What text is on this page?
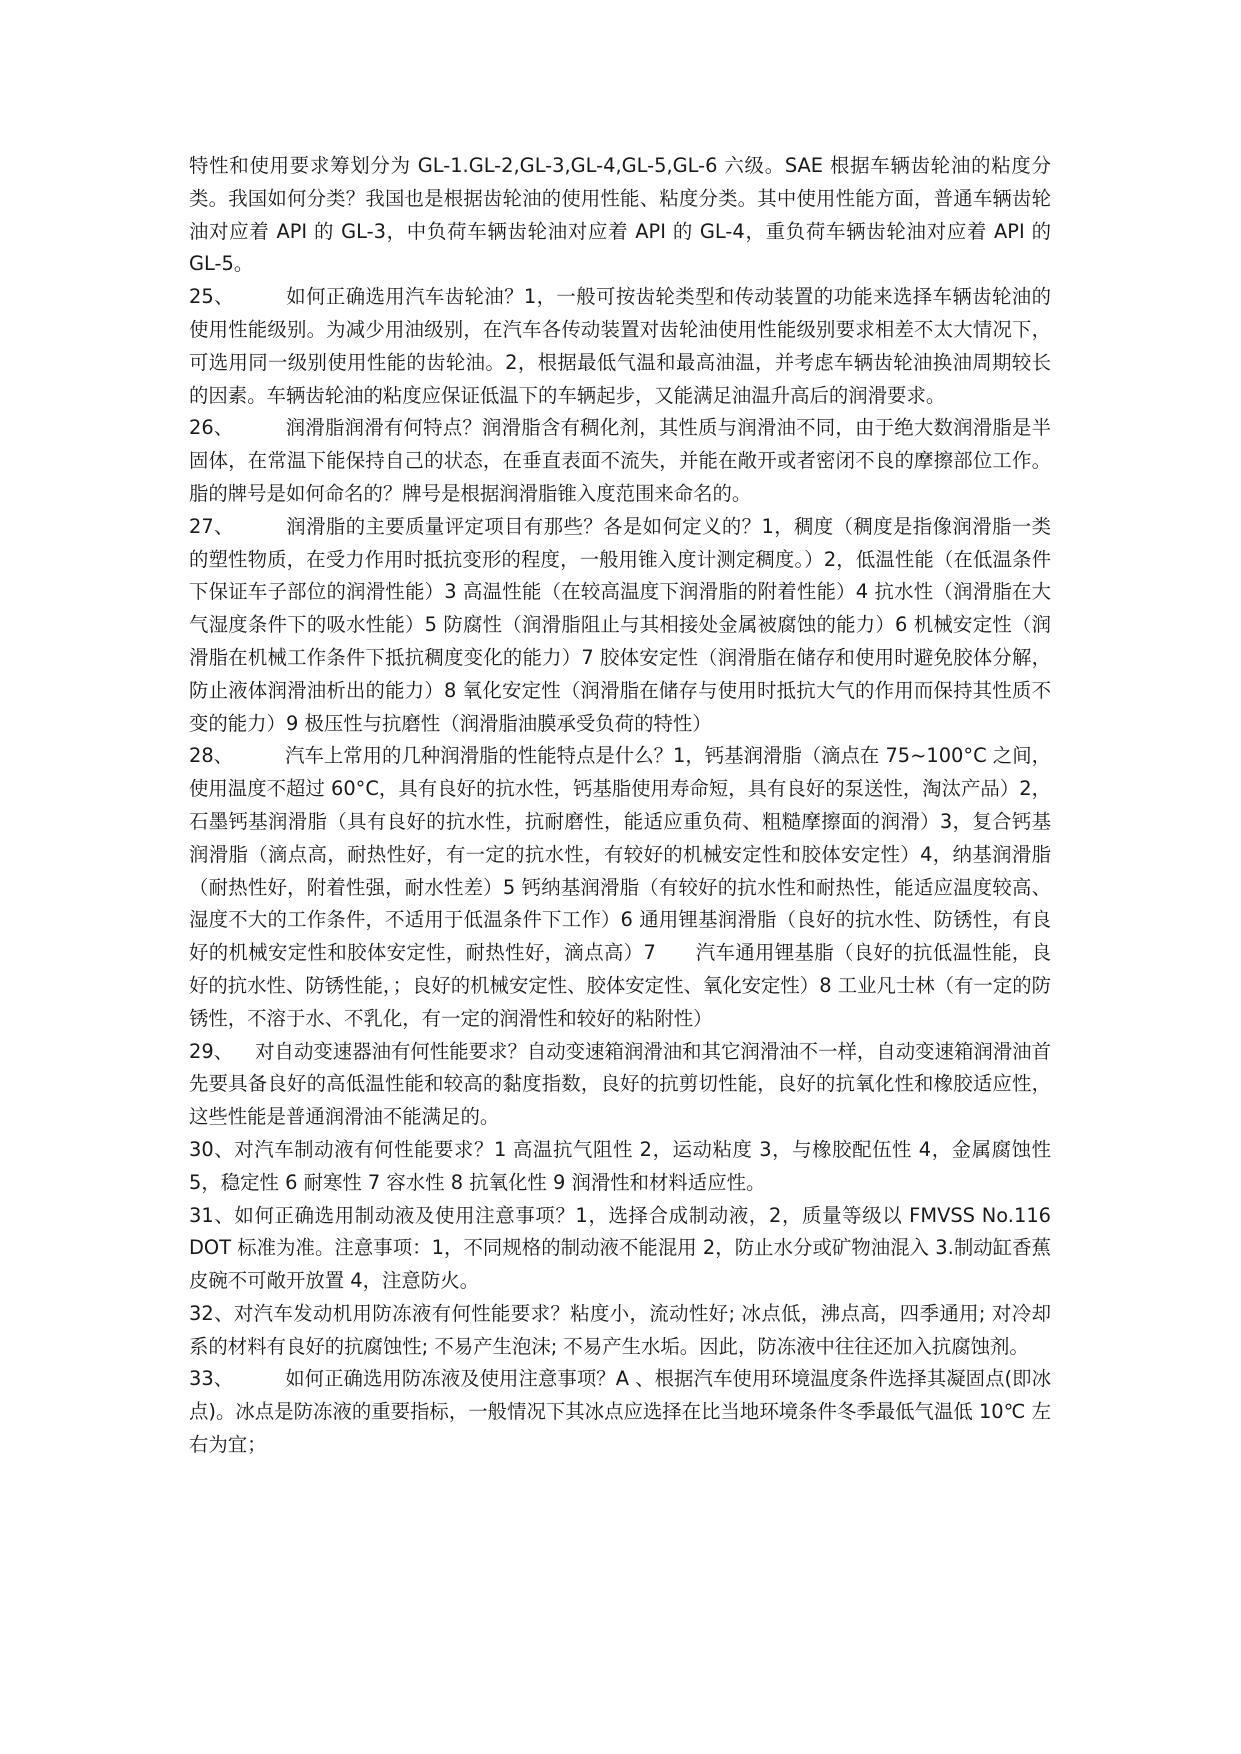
特性和使用要求筹划分为 GL-1.GL-2,GL-3,GL-4,GL-5,GL-6 六级。SAE 根据车辆齿轮油的粘度分类。我国如何分类？我国也是根据齿轮油的使用性能、粘度分类。其中使用性能方面，普通车辆齿轮油对应着 API 的 GL-3，中负荷车辆齿轮油对应着 API 的 GL-4，重负荷车辆齿轮油对应着 API 的 GL-5。

25、	如何正确选用汽车齿轮油？1，一般可按齿轮类型和传动装置的功能来选择车辆齿轮油的使用性能级别。为减少用油级别，在汽车各传动装置对齿轮油使用性能级别要求相差不太大情况下，可选用同一级别使用性能的齿轮油。2，根据最低气温和最高油温，并考虑车辆齿轮油换油周期较长的因素。车辆齿轮油的粘度应保证低温下的车辆起步，又能满足油温升高后的润滑要求。

26、	润滑脂润滑有何特点？润滑脂含有稠化剂，其性质与润滑油不同，由于绝大数润滑脂是半固体，在常温下能保持自己的状态，在垂直表面不流失，并能在敞开或者密闭不良的摩擦部位工作。脂的牌号是如何命名的？牌号是根据润滑脂锥入度范围来命名的。

27、	润滑脂的主要质量评定项目有那些？各是如何定义的？1，稠度（稠度是指像润滑脂一类的塑性物质，在受力作用时抵抗变形的程度，一般用锥入度计测定稠度。）2，低温性能（在低温条件下保证车子部位的润滑性能）3 高温性能（在较高温度下润滑脂的附着性能）4 抗水性（润滑脂在大气湿度条件下的吸水性能）5 防腐性（润滑脂阻止与其相接处金属被腐蚀的能力）6 机械安定性（润滑脂在机械工作条件下抵抗稠度变化的能力）7 胶体安定性（润滑脂在储存和使用时避免胶体分解，防止液体润滑油析出的能力）8 氧化安定性（润滑脂在储存与使用时抵抗大气的作用而保持其性质不变的能力）9 极压性与抗磨性（润滑脂油膜承受负荷的特性）

28、	汽车上常用的几种润滑脂的性能特点是什么？1，钙基润滑脂（滴点在 75~100°C 之间，使用温度不超过 60°C，具有良好的抗水性，钙基脂使用寿命短，具有良好的泵送性，淘汰产品）2，石墨钙基润滑脂（具有良好的抗水性，抗耐磨性，能适应重负荷、粗糙摩擦面的润滑）3，复合钙基润滑脂（滴点高，耐热性好，有一定的抗水性，有较好的机械安定性和胶体安定性）4，纳基润滑脂（耐热性好，附着性强，耐水性差）5 钙纳基润滑脂（有较好的抗水性和耐热性，能适应温度较高、湿度不大的工作条件，不适用于低温条件下工作）6 通用锂基润滑脂（良好的抗水性、防锈性，有良好的机械安定性和胶体安定性，耐热性好，滴点高）7　　汽车通用锂基脂（良好的抗低温性能，良好的抗水性、防锈性能，；良好的机械安定性、胶体安定性、氧化安定性）8 工业凡士林（有一定的防锈性，不溶于水、不乳化，有一定的润滑性和较好的粘附性）

29、 对自动变速器油有何性能要求？自动变速箱润滑油和其它润滑油不一样，自动变速箱润滑油首先要具备良好的高低温性能和较高的黏度指数，良好的抗剪切性能，良好的抗氧化性和橡胶适应性，这些性能是普通润滑油不能满足的。

30、对汽车制动液有何性能要求？1 高温抗气阻性 2，运动粘度 3，与橡胶配伍性 4，金属腐蚀性 5，稳定性 6 耐寒性 7 容水性 8 抗氧化性 9 润滑性和材料适应性。

31、如何正确选用制动液及使用注意事项？1，选择合成制动液，2，质量等级以 FMVSS No.116 DOT 标准为准。注意事项：1，不同规格的制动液不能混用 2，防止水分或矿物油混入 3.制动缸香蕉皮碗不可敞开放置 4，注意防火。

32、对汽车发动机用防冻液有何性能要求？粘度小，流动性好; 冰点低，沸点高，四季通用; 对冷却系的材料有良好的抗腐蚀性; 不易产生泡沫; 不易产生水垢。因此，防冻液中往往还加入抗腐蚀剂。

33、	如何正确选用防冻液及使用注意事项？A 、根据汽车使用环境温度条件选择其凝固点(即冰点)。冰点是防冻液的重要指标，一般情况下其冰点应选择在比当地环境条件冬季最低气温低 10℃ 左右为宜；
